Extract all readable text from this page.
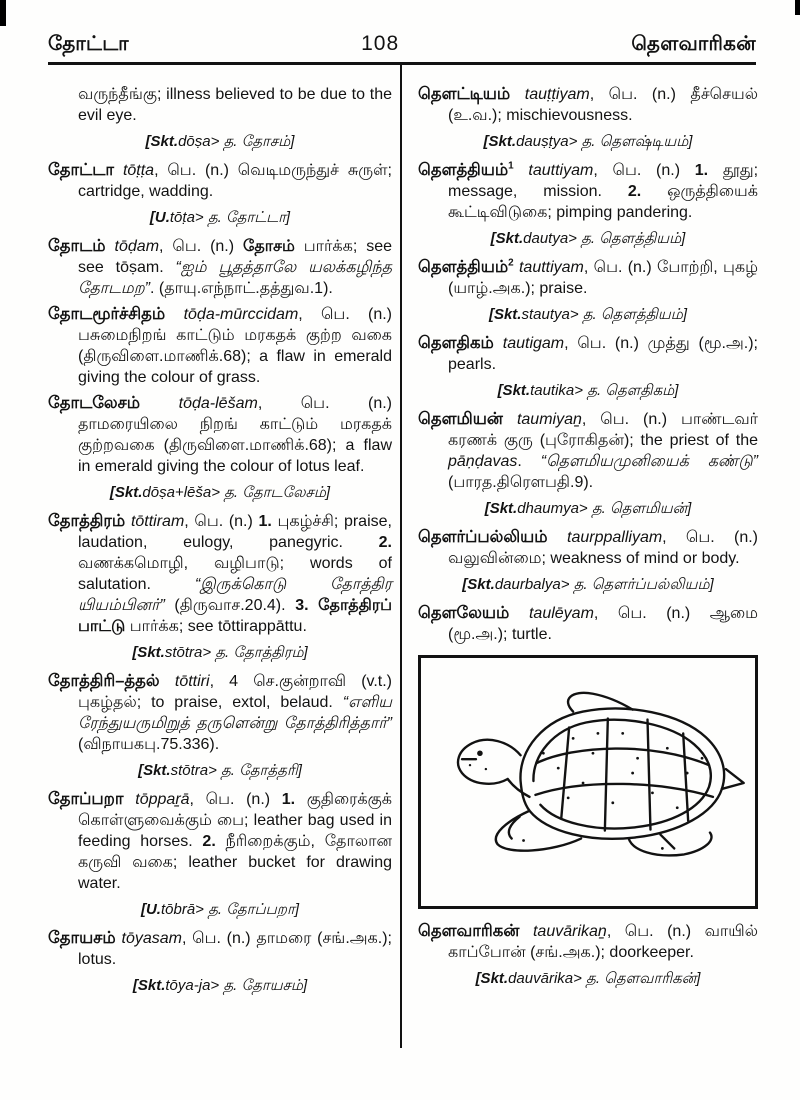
தோட்டா	108	தெளவாரிகன்

வருந்தீங்கு; illness believed to be due to the evil eye.

[Skt.dōṣa> த. தோசம்]

தோட்டா tōṭṭa, பெ. (n.) வெடிமருந்துச் சுருள்; cartridge, wadding.

[U.tōṭa> த. தோட்டா]

தோடம் tōḍam, பெ. (n.) தோசம் பார்க்க; see see tōṣam. “ஐம் பூதத்தாலே யலக்கழிந்த தோடமற”. (தாயு.எந்நாட்.தத்துவ.1).

தோடமூர்ச்சிதம் tōḍa-mūrccidam, பெ. (n.) பசுமைநிறங் காட்டும் மரகதக் குற்ற வகை (திருவிளை.மாணிக்.68); a flaw in emerald giving the colour of grass.

தோடலேசம் tōḍa-lēšam, பெ. (n.) தாமரையிலை நிறங் காட்டும் மரகதக் குற்றவகை (திருவிளை.மாணிக்.68); a flaw in emerald giving the colour of lotus leaf.

[Skt.dōṣa+lēša> த. தோடலேசம்]

தோத்திரம் tōttiram, பெ. (n.) 1. புகழ்ச்சி; praise, laudation, eulogy, panegyric. 2. வணக்கமொழி, வழிபாடு; words of salutation. “இருக்கொடு தோத்திர யியம்பினர்” (திருவாச.20.4). 3. தோத்திரப் பாட்டு பார்க்க; see tōttirappāttu.

[Skt.stōtra> த. தோத்திரம்]

தோத்திரி–த்தல் tōttiri, 4 செ.குன்றாவி (v.t.) புகழ்தல்; to praise, extol, belaud. “எளிய ரேந்துயருமிறுத் தருளென்று தோத்திரித்தார்” (விநாயகபு.75.336).

[Skt.stōtra> த. தோத்தரி]

தோப்பறா tōppaṟā, பெ. (n.) 1. குதிரைக்குக் கொள்ளுவைக்கும் பை; leather bag used in feeding horses. 2. நீரிறைக்கும், தோலான கருவி வகை; leather bucket for drawing water.

[U.tōbrā> த. தோப்பறா]

தோயசம் tōyasam, பெ. (n.) தாமரை (சங்.அக.); lotus.

[Skt.tōya-ja> த. தோயசம்]

தெளட்டியம் tauṭṭiyam, பெ. (n.) தீச்செயல் (உ.வ.); mischievousness.

[Skt.dauṣṭya> த. தெளஷ்டியம்]

தெளத்தியம்$^1$ tauttiyam, பெ. (n.) 1. தூது; message, mission. 2. ஒருத்தியைக் கூட்டிவிடுகை; pimping pandering.

[Skt.dautya> த. தெளத்தியம்]

தெளத்தியம்$^2$ tauttiyam, பெ. (n.) போற்றி, புகழ் (யாழ்.அக.); praise.

[Skt.stautya> த. தெளத்தியம்]

தெளதிகம் tautigam, பெ. (n.) முத்து (மூ.அ.); pearls.

[Skt.tautika> த. தெளதிகம்]

தெளமியன் taumiyaṉ, பெ. (n.) பாண்டவர் கரணக் குரு (புரோகிதன்); the priest of the pāṇḍavas. “தெளமியமுனியைக் கண்டு” (பாரத.திரெளபதி.9).

[Skt.dhaumya> த. தெளமியன்]

தெளர்ப்பல்லியம் taurppalliyam, பெ. (n.) வலுவின்மை; weakness of mind or body.

[Skt.daurbalya> த. தெளர்ப்பல்லியம்]

தெளலேயம் taulēyam, பெ. (n.) ஆமை (மூ.அ.); turtle.

தெளவாரிகன் tauvārikaṉ, பெ. (n.) வாயில் காப்போன் (சங்.அக.); doorkeeper.

[Skt.dauvārika> த. தெளவாரிகன்]
